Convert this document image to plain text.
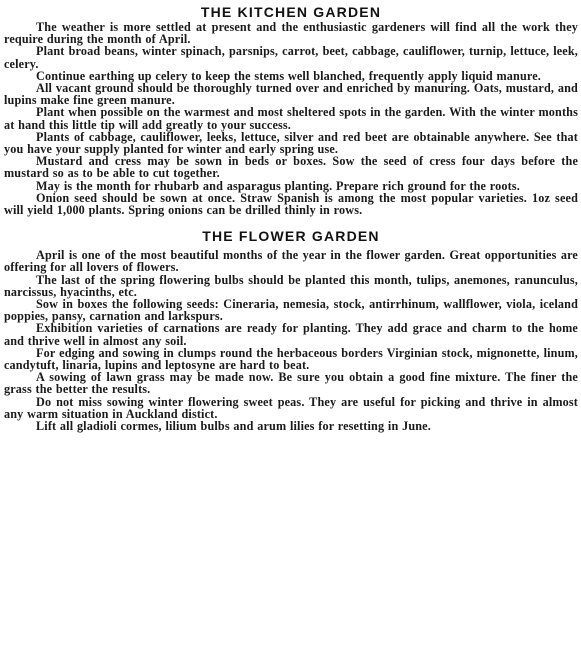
THE KITCHEN GARDEN

The weather is more settled at present and the enthusiastic gardeners will find all the work they require during the month of April.

Plant broad beans, winter spinach, parsnips, carrot, beet, cabbage, cauliflower, turnip, lettuce, leek, celery.

Continue earthing up celery to keep the stems well blanched, frequently apply liquid manure.

All vacant ground should be thoroughly turned over and enriched by manuring. Oats, mustard, and lupins make fine green manure.

Plant when possible on the warmest and most sheltered spots in the garden. With the winter months at hand this little tip will add greatly to your success.

Plants of cabbage, cauliflower, leeks, lettuce, silver and red beet are obtainable anywhere. See that you have your supply planted for winter and early spring use.

Mustard and cress may be sown in beds or boxes. Sow the seed of cress four days before the mustard so as to be able to cut together.

May is the month for rhubarb and asparagus planting. Prepare rich ground for the roots.

Onion seed should be sown at once. Straw Spanish is among the most popular varieties. 1oz seed will yield 1,000 plants. Spring onions can be drilled thinly in rows.

THE FLOWER GARDEN

April is one of the most beautiful months of the year in the flower garden. Great opportunities are offering for all lovers of flowers.

The last of the spring flowering bulbs should be planted this month, tulips, anemones, ranunculus, narcissus, hyacinths, etc.

Sow in boxes the following seeds: Cineraria, nemesia, stock, antirrhinum, wallflower, viola, iceland poppies, pansy, carnation and larkspurs.

Exhibition varieties of carnations are ready for planting. They add grace and charm to the home and thrive well in almost any soil.

For edging and sowing in clumps round the herbaceous borders Virginian stock, mignonette, linum, candytuft, linaria, lupins and leptosyne are hard to beat.

A sowing of lawn grass may be made now. Be sure you obtain a good fine mixture. The finer the grass the better the results.

Do not miss sowing winter flowering sweet peas. They are useful for picking and thrive in almost any warm situation in Auckland distict.

Lift all gladioli cormes, lilium bulbs and arum lilies for resetting in June.
